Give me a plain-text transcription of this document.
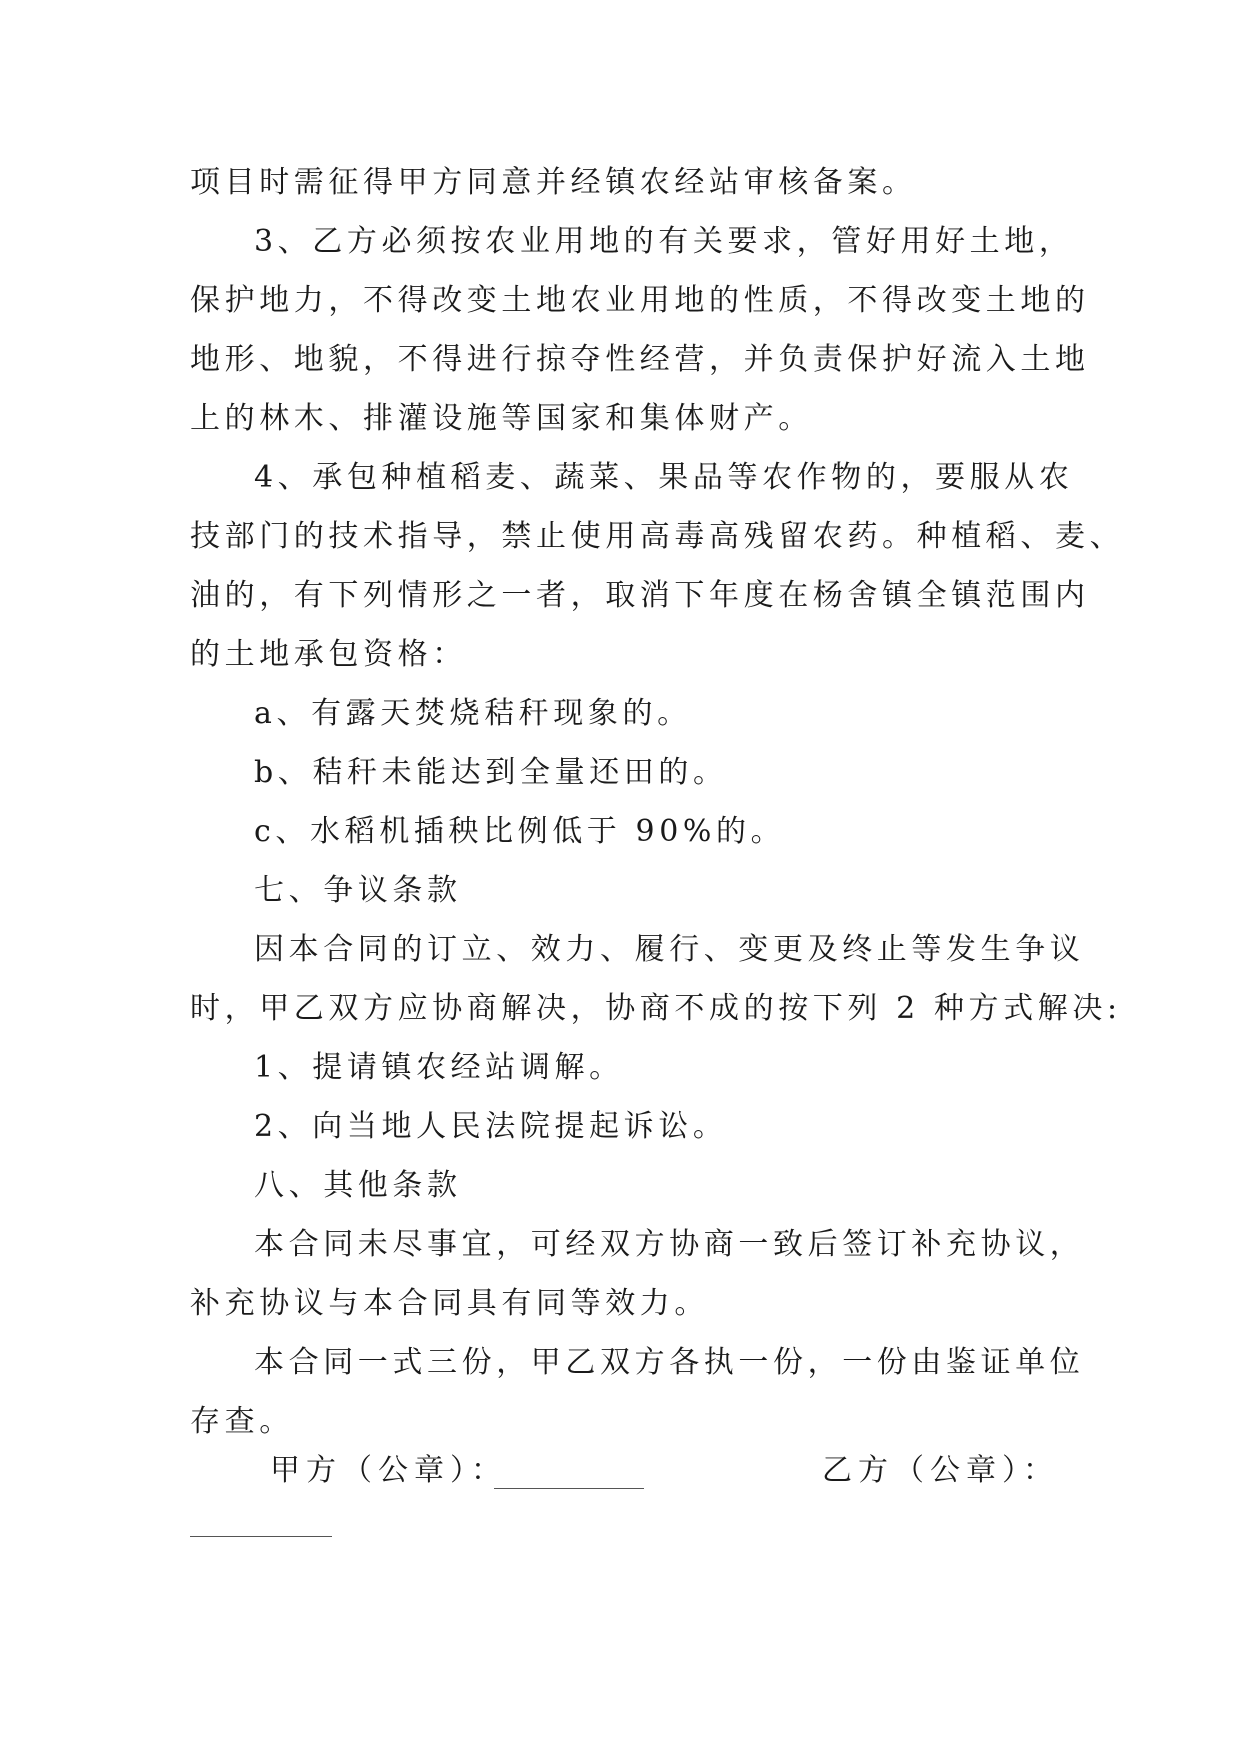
项目时需征得甲方同意并经镇农经站审核备案。
3、乙方必须按农业用地的有关要求，管好用好土地，
保护地力，不得改变土地农业用地的性质，不得改变土地的
地形、地貌，不得进行掠夺性经营，并负责保护好流入土地
上的林木、排灌设施等国家和集体财产。
4、承包种植稻麦、蔬菜、果品等农作物的，要服从农
技部门的技术指导，禁止使用高毒高残留农药。种植稻、麦、
油的，有下列情形之一者，取消下年度在杨舍镇全镇范围内
的土地承包资格：
a、有露天焚烧秸秆现象的。
b、秸秆未能达到全量还田的。
c、水稻机插秧比例低于 90%的。
七、争议条款
因本合同的订立、效力、履行、变更及终止等发生争议
时，甲乙双方应协商解决，协商不成的按下列 2 种方式解决:
1、提请镇农经站调解。
2、向当地人民法院提起诉讼。
八、其他条款
本合同未尽事宜，可经双方协商一致后签订补充协议，
补充协议与本合同具有同等效力。
本合同一式三份，甲乙双方各执一份，一份由鉴证单位
存查。
甲方（公章）：	乙方（公章）：
